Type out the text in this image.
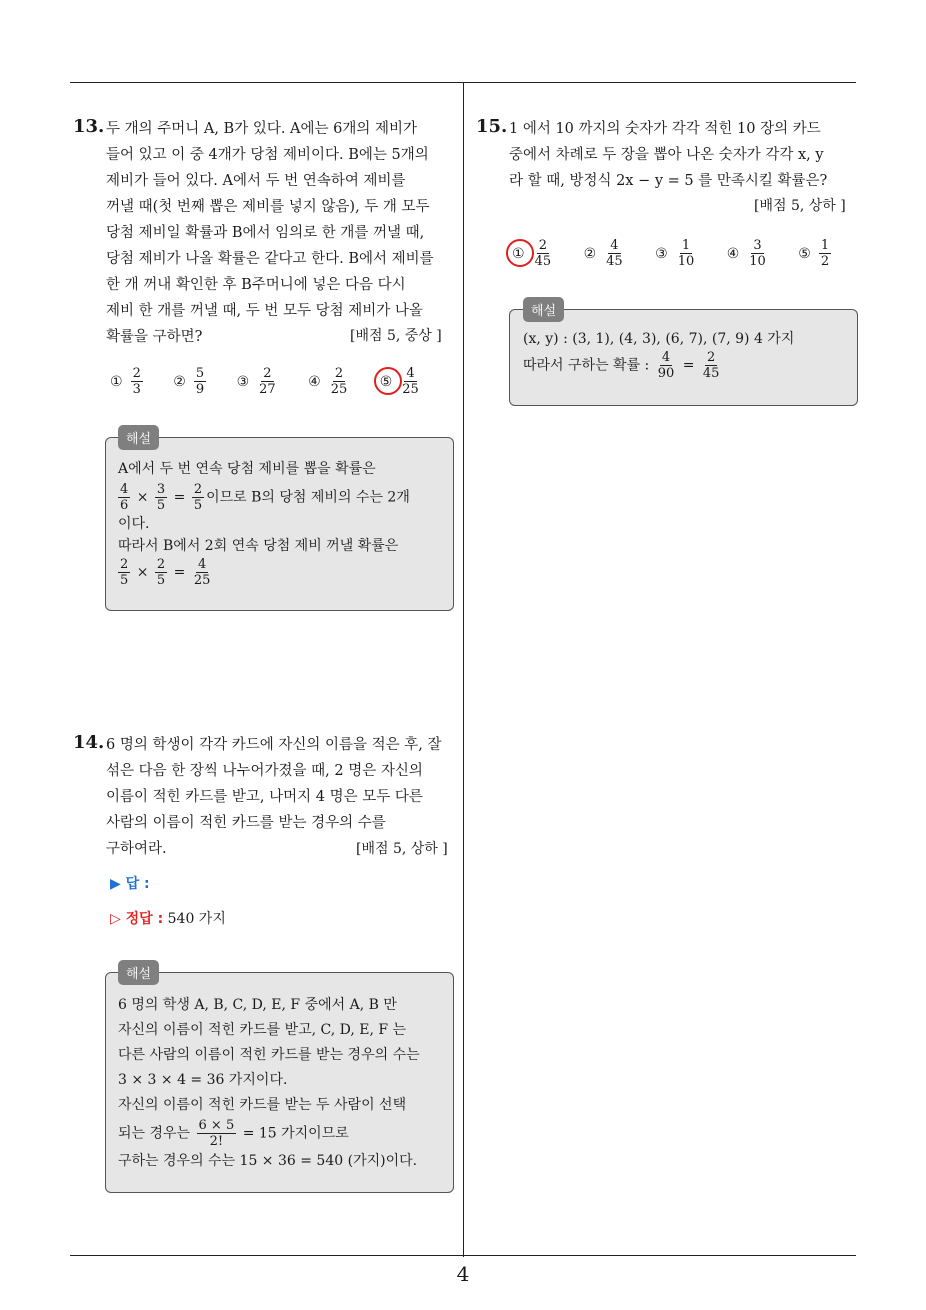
4
13. 두 개의 주머니 A, B가 있다. A에는 6개의 제비가
들어 있고 이 중 4개가 당첨 제비이다. B에는 5개의
제비가 들어 있다. A에서 두 번 연속하여 제비를
꺼낼 때(첫 번째 뽑은 제비를 넣지 않음), 두 개 모두
당첨 제비일 확률과 B에서 임의로 한 개를 꺼낼 때,
당첨 제비가 나올 확률은 같다고 한다. B에서 제비를
한 개 꺼내 확인한 후 B주머니에 넣은 다음 다시
제비 한 개를 꺼낼 때, 두 번 모두 당첨 제비가 나올
확률을 구하면?	[배점 5, 중상 ]
① $\frac{2}{3}$
② $\frac{5}{9}$
③ $\frac{2}{27}$
④ $\frac{2}{25}$
⑤ $\frac{4}{25}$
해설
A에서 두 번 연속 당첨 제비를 뽑을 확률은
$\frac{4}{6} \times \frac{3}{5} = \frac{2}{5}$ 이므로 B의 당첨 제비의 수는 2개
이다.
따라서 B에서 2회 연속 당첨 제비 꺼낼 확률은
$\frac{2}{5} \times \frac{2}{5} = \frac{4}{25}$
14. 6 명의 학생이 각각 카드에 자신의 이름을 적은 후, 잘
섞은 다음 한 장씩 나누어가졌을 때, 2 명은 자신의
이름이 적힌 카드를 받고, 나머지 4 명은 모두 다른
사람의 이름이 적힌 카드를 받는 경우의 수를
구하여라.	[배점 5, 상하 ]
▶ 답 :
▷ 정답 : 540 가지
해설
6 명의 학생 A, B, C, D, E, F 중에서 A, B 만
자신의 이름이 적힌 카드를 받고, C, D, E, F 는
다른 사람의 이름이 적힌 카드를 받는 경우의 수는
3 × 3 × 4 = 36 가지이다.
자신의 이름이 적힌 카드를 받는 두 사람이 선택
되는 경우는 $\frac{6 \times 5}{2!} = 15$ 가지이므로
구하는 경우의 수는 15 × 36 = 540 (가지)이다.
15. 1 에서 10 까지의 숫자가 각각 적힌 10 장의 카드
중에서 차례로 두 장을 뽑아 나온 숫자가 각각 x, y
라 할 때, 방정식 2x − y = 5 를 만족시킬 확률은?
[배점 5, 상하 ]
① $\frac{2}{45}$
② $\frac{4}{45}$
③ $\frac{1}{10}$
④ $\frac{3}{10}$
⑤ $\frac{1}{2}$
해설
(x, y) : (3, 1), (4, 3), (6, 7), (7, 9) 4 가지
따라서 구하는 확률 : $\frac{4}{90} = \frac{2}{45}$
